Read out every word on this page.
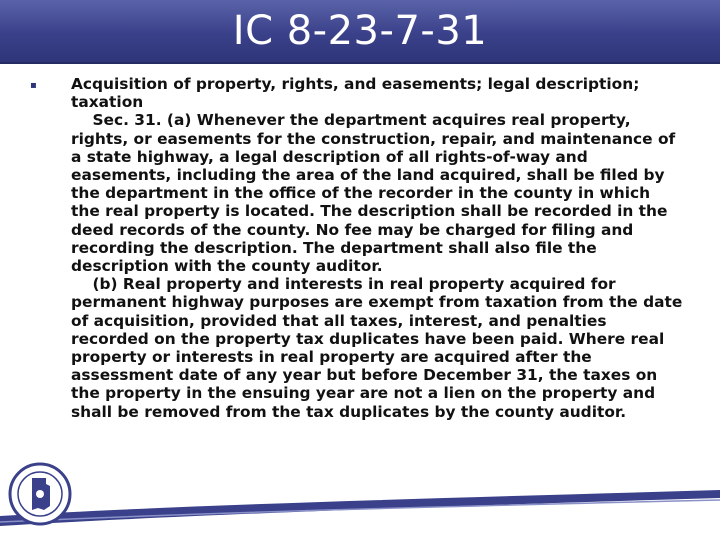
IC 8-23-7-31
▪ Acquisition of property, rights, and easements; legal description; taxation
Sec. 31. (a) Whenever the department acquires real property, rights, or easements for the construction, repair, and maintenance of a state highway, a legal description of all rights-of-way and easements, including the area of the land acquired, shall be filed by the department in the office of the recorder in the county in which the real property is located. The description shall be recorded in the deed records of the county. No fee may be charged for filing and recording the description. The department shall also file the description with the county auditor.
(b) Real property and interests in real property acquired for permanent highway purposes are exempt from taxation from the date of acquisition, provided that all taxes, interest, and penalties recorded on the property tax duplicates have been paid. Where real property or interests in real property are acquired after the assessment date of any year but before December 31, the taxes on the property in the ensuing year are not a lien on the property and shall be removed from the tax duplicates by the county auditor.
